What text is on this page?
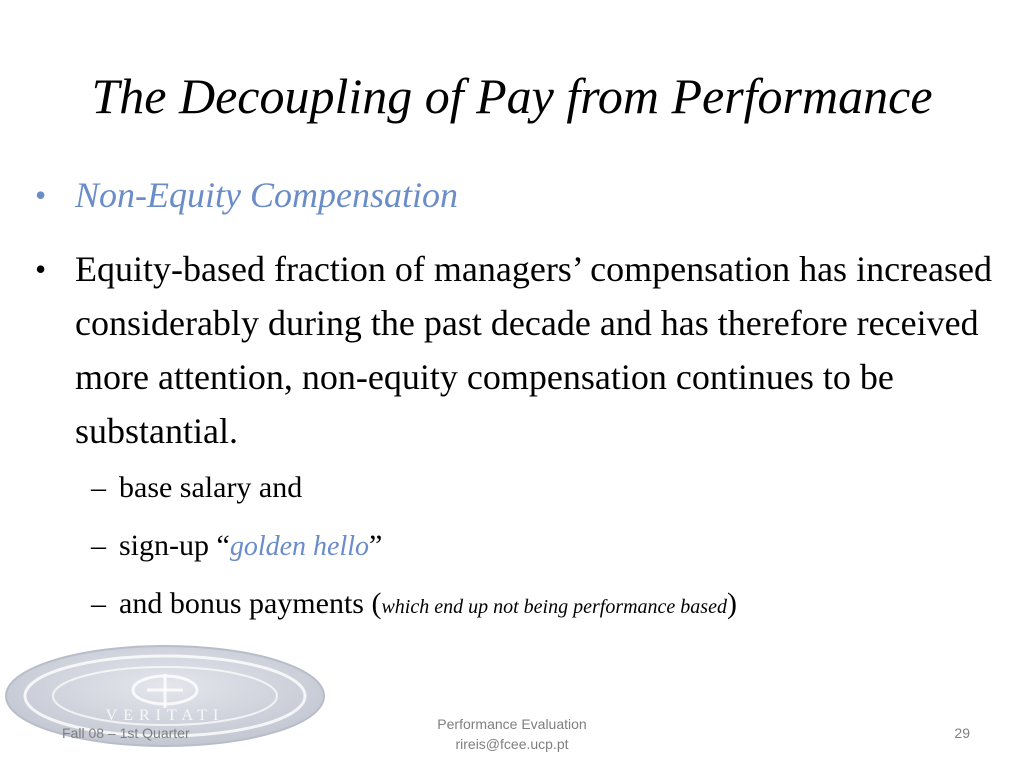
The Decoupling of Pay from Performance
• Non-Equity Compensation
• Equity-based fraction of managers’ compensation has increased considerably during the past decade and has therefore received more attention, non-equity compensation continues to be substantial.
– base salary and
– sign-up “golden hello”
– and bonus payments (which end up not being performance based)
VERITATI
Fall 08 – 1st Quarter
Performance Evaluation
rireis@fcee.ucp.pt
29
